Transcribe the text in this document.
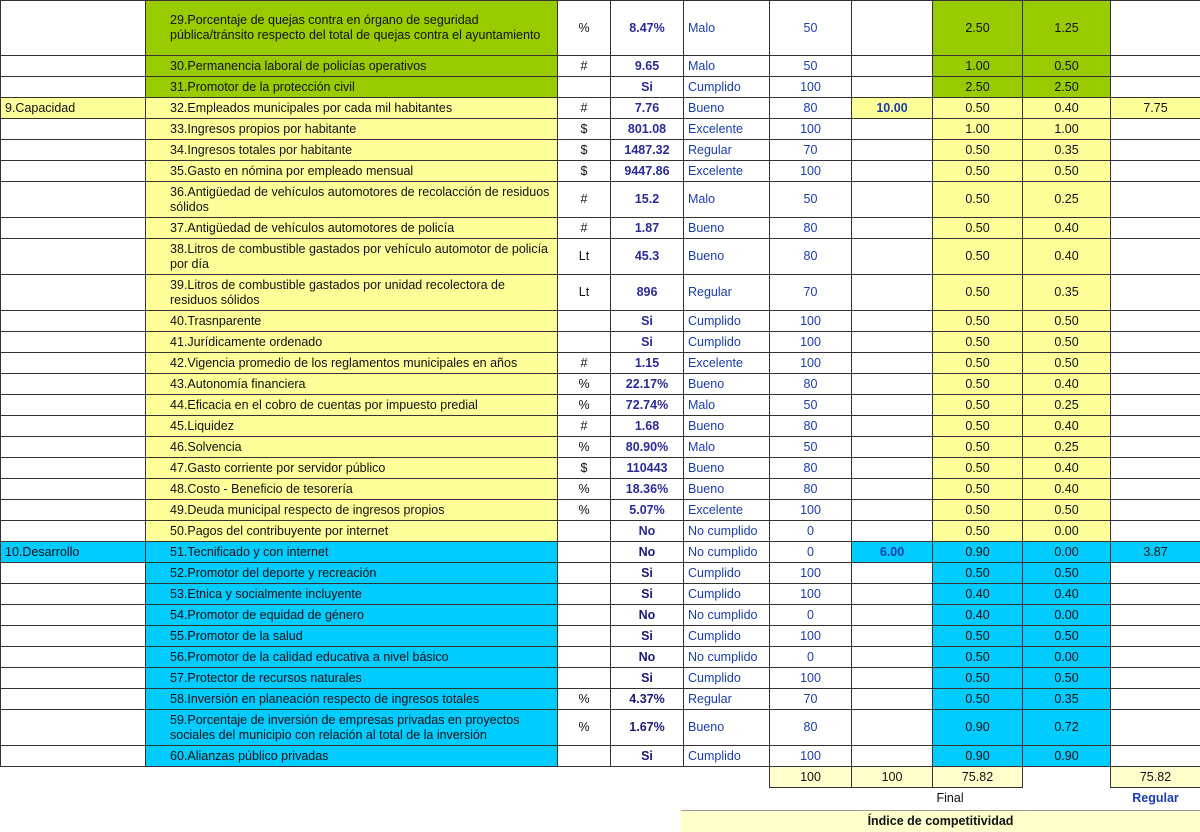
	29.Porcentaje de quejas contra en órgano de seguridad pública/tránsito respecto del total de quejas contra el ayuntamiento	%	8.47%	Malo	50		2.50	1.25	
	30.Permanencia laboral de policías operativos	#	9.65	Malo	50		1.00	0.50	
	31.Promotor de la protección civil		Si	Cumplido	100		2.50	2.50	
9.Capacidad	32.Empleados municipales por cada mil habitantes	#	7.76	Bueno	80	10.00	0.50	0.40	7.75
	33.Ingresos propios por habitante	$	801.08	Excelente	100		1.00	1.00	
	34.Ingresos totales por habitante	$	1487.32	Regular	70		0.50	0.35	
	35.Gasto en nómina por empleado mensual	$	9447.86	Excelente	100		0.50	0.50	
	36.Antigüedad de vehículos automotores de recolacción de residuos sólidos	#	15.2	Malo	50		0.50	0.25	
	37.Antigüedad de vehículos automotores de policía	#	1.87	Bueno	80		0.50	0.40	
	38.Litros de combustible gastados por vehículo automotor de policía por día	Lt	45.3	Bueno	80		0.50	0.40	
	39.Litros de combustible gastados por unidad recolectora de residuos sólidos	Lt	896	Regular	70		0.50	0.35	
	40.Trasnparente		Si	Cumplido	100		0.50	0.50	
	41.Jurídicamente ordenado		Si	Cumplido	100		0.50	0.50	
	42.Vigencia promedio de los reglamentos municipales en años	#	1.15	Excelente	100		0.50	0.50	
	43.Autonomía financiera	%	22.17%	Bueno	80		0.50	0.40	
	44.Eficacia en el cobro de cuentas por impuesto predial	%	72.74%	Malo	50		0.50	0.25	
	45.Liquidez	#	1.68	Bueno	80		0.50	0.40	
	46.Solvencia	%	80.90%	Malo	50		0.50	0.25	
	47.Gasto corriente por servidor público	$	110443	Bueno	80		0.50	0.40	
	48.Costo - Beneficio de tesorería	%	18.36%	Bueno	80		0.50	0.40	
	49.Deuda municipal respecto de ingresos propios	%	5.07%	Excelente	100		0.50	0.50	
	50.Pagos del contribuyente por internet		No	No cumplido	0		0.50	0.00	
10.Desarrollo	51.Tecnificado y con internet		No	No cumplido	0	6.00	0.90	0.00	3.87
	52.Promotor del deporte y recreación		Si	Cumplido	100		0.50	0.50	
	53.Etnica y socialmente incluyente		Si	Cumplido	100		0.40	0.40	
	54.Promotor de equidad de género		No	No cumplido	0		0.40	0.00	
	55.Promotor de la salud		Si	Cumplido	100		0.50	0.50	
	56.Promotor de la calidad educativa a nivel básico		No	No cumplido	0		0.50	0.00	
	57.Protector de recursos naturales		Si	Cumplido	100		0.50	0.50	
	58.Inversión en planeación respecto de ingresos totales	%	4.37%	Regular	70		0.50	0.35	
	59.Porcentaje de inversión de empresas privadas en proyectos sociales del municipio con relación al total de la inversión	%	1.67%	Bueno	80		0.90	0.72	
	60.Alianzas público privadas		Si	Cumplido	100		0.90	0.90	
					100	100	75.82		75.82
							Final		Regular
Índice de competitividad
